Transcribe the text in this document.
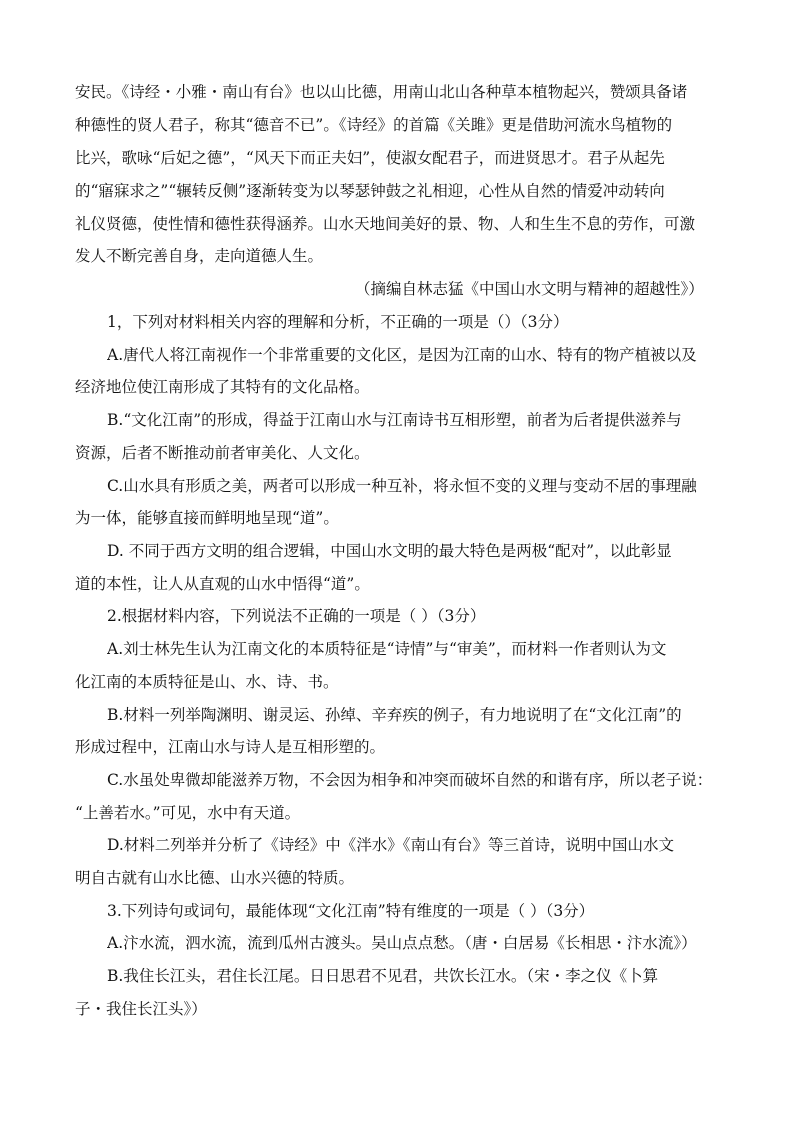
安民。《诗经・小雅・南山有台》也以山比德，用南山北山各种草本植物起兴，赞颂具备诸
种德性的贤人君子，称其“德音不已”。《诗经》的首篇《关雎》更是借助河流水鸟植物的
比兴，歌咏“后妃之德”，“风天下而正夫妇”，使淑女配君子，而进贤思才。君子从起先
的“寤寐求之”“辗转反侧”逐渐转变为以琴瑟钟鼓之礼相迎，心性从自然的情爱冲动转向
礼仪贤德，使性情和德性获得涵养。山水天地间美好的景、物、人和生生不息的劳作，可激
发人不断完善自身，走向道德人生。
（摘编自林志猛《中国山水文明与精神的超越性》）
1，下列对材料相关内容的理解和分析，不正确的一项是（）（3分）
A.唐代人将江南视作一个非常重要的文化区，是因为江南的山水、特有的物产植被以及
经济地位使江南形成了其特有的文化品格。
B.“文化江南”的形成，得益于江南山水与江南诗书互相形塑，前者为后者提供滋养与
资源，后者不断推动前者审美化、人文化。
C.山水具有形质之美，两者可以形成一种互补，将永恒不变的义理与变动不居的事理融
为一体，能够直接而鲜明地呈现“道”。
D. 不同于西方文明的组合逻辑，中国山水文明的最大特色是两极“配对”，以此彰显
道的本性，让人从直观的山水中悟得“道”。
2.根据材料内容，下列说法不正确的一项是（ ）（3分）
A.刘士林先生认为江南文化的本质特征是“诗情”与“审美”，而材料一作者则认为文
化江南的本质特征是山、水、诗、书。
B.材料一列举陶渊明、谢灵运、孙绰、辛弃疾的例子，有力地说明了在“文化江南”的
形成过程中，江南山水与诗人是互相形塑的。
C.水虽处卑微却能滋养万物，不会因为相争和冲突而破坏自然的和谐有序，所以老子说：
“上善若水。”可见，水中有天道。
D.材料二列举并分析了《诗经》中《泮水》《南山有台》等三首诗，说明中国山水文
明自古就有山水比德、山水兴德的特质。
3.下列诗句或词句，最能体现“文化江南”特有维度的一项是（ ）（3分）
A.汴水流，泗水流，流到瓜州古渡头。吴山点点愁。（唐・白居易《长相思・汴水流》）
B.我住长江头，君住长江尾。日日思君不见君，共饮长江水。（宋・李之仪《卜算
子・我住长江头》）
